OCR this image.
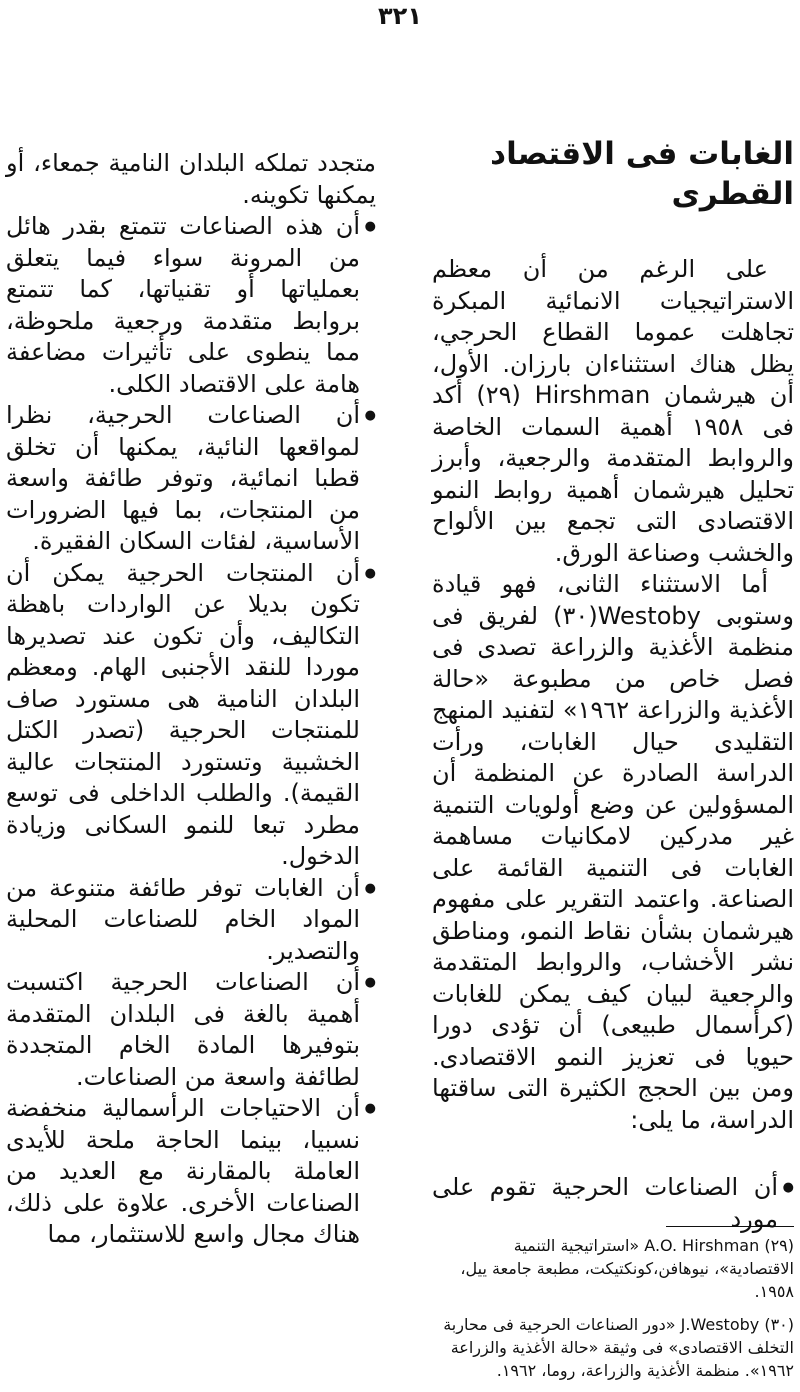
٣٢١
الغابات فى الاقتصاد القطرى

على الرغم من أن معظم الاستراتيجيات الانمائية المبكرة تجاهلت عموما القطاع الحرجي، يظل هناك استثناءان بارزان. الأول، أن هيرشمان Hirshman (٢٩) أكد فى ١٩٥٨ أهمية السمات الخاصة والروابط المتقدمة والرجعية، وأبرز تحليل هيرشمان أهمية روابط النمو الاقتصادى التى تجمع بين الألواح والخشب وصناعة الورق.

أما الاستثناء الثانى، فهو قيادة وستوبى Westoby(٣٠) لفريق فى منظمة الأغذية والزراعة تصدى فى فصل خاص من مطبوعة «حالة الأغذية والزراعة ١٩٦٢» لتفنيد المنهج التقليدى حيال الغابات، ورأت الدراسة الصادرة عن المنظمة أن المسؤولين عن وضع أولويات التنمية غير مدركين لامكانيات مساهمة الغابات فى التنمية القائمة على الصناعة. واعتمد التقرير على مفهوم هيرشمان بشأن نقاط النمو، ومناطق نشر الأخشاب، والروابط المتقدمة والرجعية لبيان كيف يمكن للغابات (كرأسمال طبيعى) أن تؤدى دورا حيويا فى تعزيز النمو الاقتصادى. ومن بين الحجج الكثيرة التى ساقتها الدراسة، ما يلى:

● أن الصناعات الحرجية تقوم على مورد

متجدد تملكه البلدان النامية جمعاء، أو يمكنها تكوينه.

● أن هذه الصناعات تتمتع بقدر هائل من المرونة سواء فيما يتعلق بعملياتها أو تقنياتها، كما تتمتع بروابط متقدمة ورجعية ملحوظة، مما ينطوى على تأثيرات مضاعفة هامة على الاقتصاد الكلى.
● أن الصناعات الحرجية، نظرا لمواقعها النائية، يمكنها أن تخلق قطبا انمائية، وتوفر طائفة واسعة من المنتجات، بما فيها الضرورات الأساسية، لفئات السكان الفقيرة.
● أن المنتجات الحرجية يمكن أن تكون بديلا عن الواردات باهظة التكاليف، وأن تكون عند تصديرها موردا للنقد الأجنبى الهام. ومعظم البلدان النامية هى مستورد صاف للمنتجات الحرجية (تصدر الكتل الخشبية وتستورد المنتجات عالية القيمة). والطلب الداخلى فى توسع مطرد تبعا للنمو السكانى وزيادة الدخول.
● أن الغابات توفر طائفة متنوعة من المواد الخام للصناعات المحلية والتصدير.
● أن الصناعات الحرجية اكتسبت أهمية بالغة فى البلدان المتقدمة بتوفيرها المادة الخام المتجددة لطائفة واسعة من الصناعات.
● أن الاحتياجات الرأسمالية منخفضة نسبيا، بينما الحاجة ملحة للأيدى العاملة بالمقارنة مع العديد من الصناعات الأخرى. علاوة على ذلك، هناك مجال واسع للاستثمار، مما	(٢٩) A.O. Hirshman «استراتيجية التنمية الاقتصادية»، نيوهافن،كونكتيكت، مطبعة جامعة ييل، ١٩٥٨.

(٣٠) J.Westoby «دور الصناعات الحرجية فى محاربة التخلف الاقتصادى» فى وثيقة «حالة الأغذية والزراعة ١٩٦٢». منظمة الأغذية والزراعة، روما، ١٩٦٢.
